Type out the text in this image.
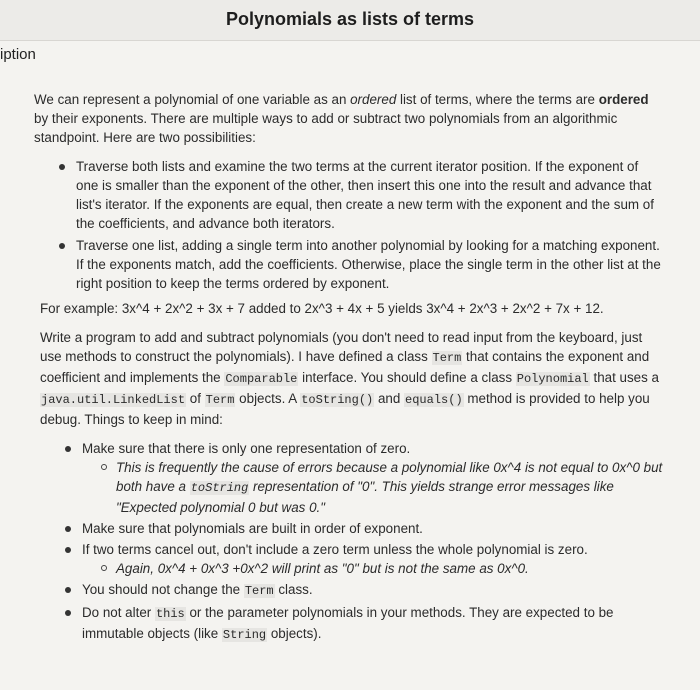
Polynomials as lists of terms
iption

We can represent a polynomial of one variable as an ordered list of terms, where the terms are ordered by their exponents. There are multiple ways to add or subtract two polynomials from an algorithmic standpoint. Here are two possibilities:

Traverse both lists and examine the two terms at the current iterator position. If the exponent of one is smaller than the exponent of the other, then insert this one into the result and advance that list's iterator. If the exponents are equal, then create a new term with the exponent and the sum of the coefficients, and advance both iterators.
Traverse one list, adding a single term into another polynomial by looking for a matching exponent. If the exponents match, add the coefficients. Otherwise, place the single term in the other list at the right position to keep the terms ordered by exponent.

For example: 3x^4 + 2x^2 + 3x + 7 added to 2x^3 + 4x + 5 yields 3x^4 + 2x^3 + 2x^2 + 7x + 12.

Write a program to add and subtract polynomials (you don't need to read input from the keyboard, just use methods to construct the polynomials). I have defined a class Term that contains the exponent and coefficient and implements the Comparable interface. You should define a class Polynomial that uses a java.util.LinkedList of Term objects. A toString() and equals() method is provided to help you debug. Things to keep in mind:

Make sure that there is only one representation of zero.
This is frequently the cause of errors because a polynomial like 0x^4 is not equal to 0x^0 but both have a toString representation of "0". This yields strange error messages like "Expected polynomial 0 but was 0."
Make sure that polynomials are built in order of exponent.
If two terms cancel out, don't include a zero term unless the whole polynomial is zero.
Again, 0x^4 + 0x^3 +0x^2 will print as "0" but is not the same as 0x^0.
You should not change the Term class.
Do not alter this or the parameter polynomials in your methods. They are expected to be immutable objects (like String objects).
